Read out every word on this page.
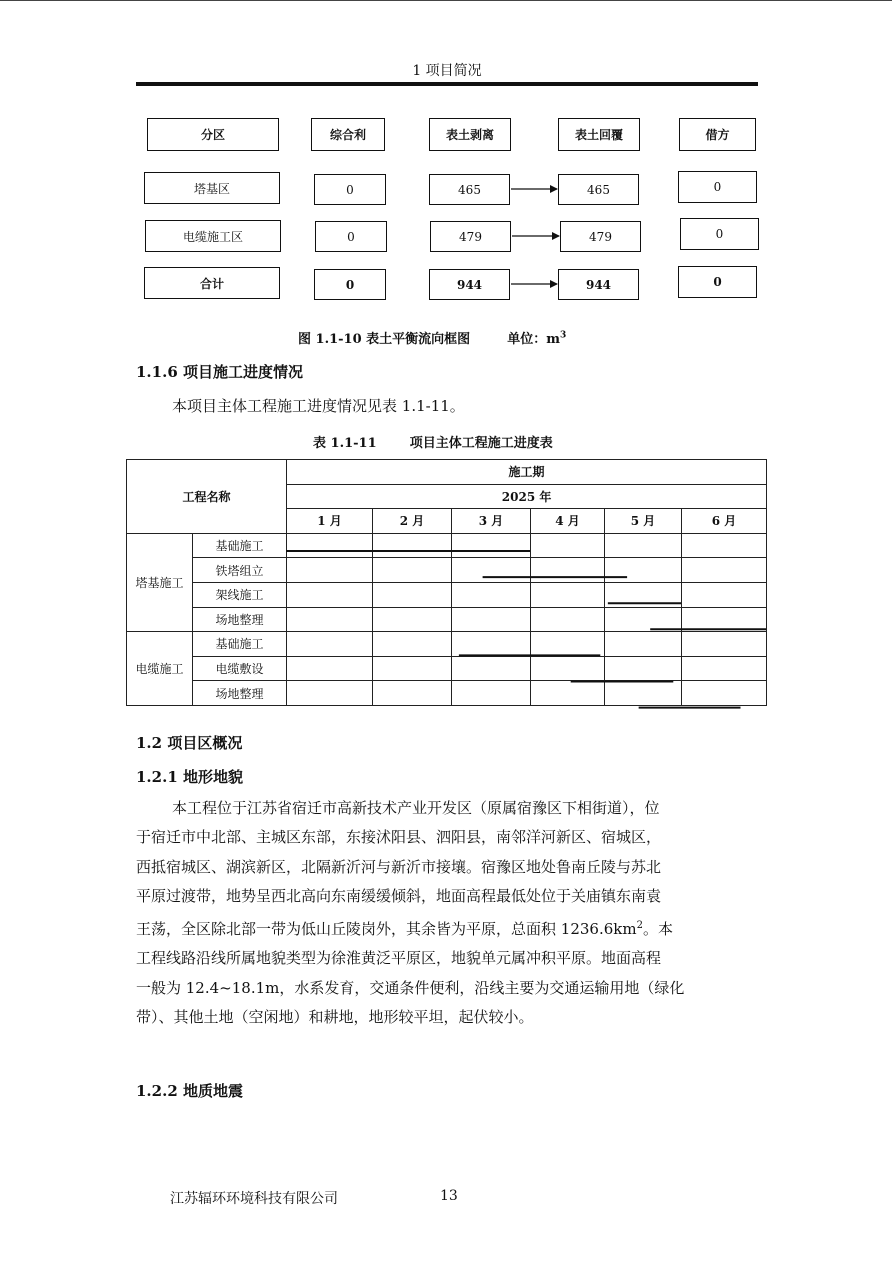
1 项目简况
分区	综合利	表土剥离	表土回覆	借方
塔基区	0	465	465	0
电缆施工区	0	479	479	0
合计	0	944	944	0
图 1.1-10 表土平衡流向框图	单位：$m^3$
1.1.6 项目施工进度情况
本项目主体工程施工进度情况见表 1.1-11。
表 1.1-11	项目主体工程施工进度表
工程名称		施工期					
		2025 年					
		1 月	2 月	3 月	4 月	5 月	6 月
塔基施工	基础施工						
	铁塔组立						
	架线施工						
	场地整理						
电缆施工	基础施工						
	电缆敷设						
	场地整理						
1.2 项目区概况
1.2.1 地形地貌
本工程位于江苏省宿迁市高新技术产业开发区（原属宿豫区下相街道），位
于宿迁市中北部、主城区东部，东接沭阳县、泗阳县，南邻洋河新区、宿城区，
西抵宿城区、湖滨新区，北隔新沂河与新沂市接壤。宿豫区地处鲁南丘陵与苏北
平原过渡带，地势呈西北高向东南缓缓倾斜，地面高程最低处位于关庙镇东南袁
王荡，全区除北部一带为低山丘陵岗外，其余皆为平原，总面积 $1236.6km^2$。本
工程线路沿线所属地貌类型为徐淮黄泛平原区，地貌单元属冲积平原。地面高程
一般为 12.4~18.1m，水系发育，交通条件便利，沿线主要为交通运输用地（绿化
带）、其他土地（空闲地）和耕地，地形较平坦，起伏较小。
1.2.2 地质地震
江苏辐环环境科技有限公司	13
